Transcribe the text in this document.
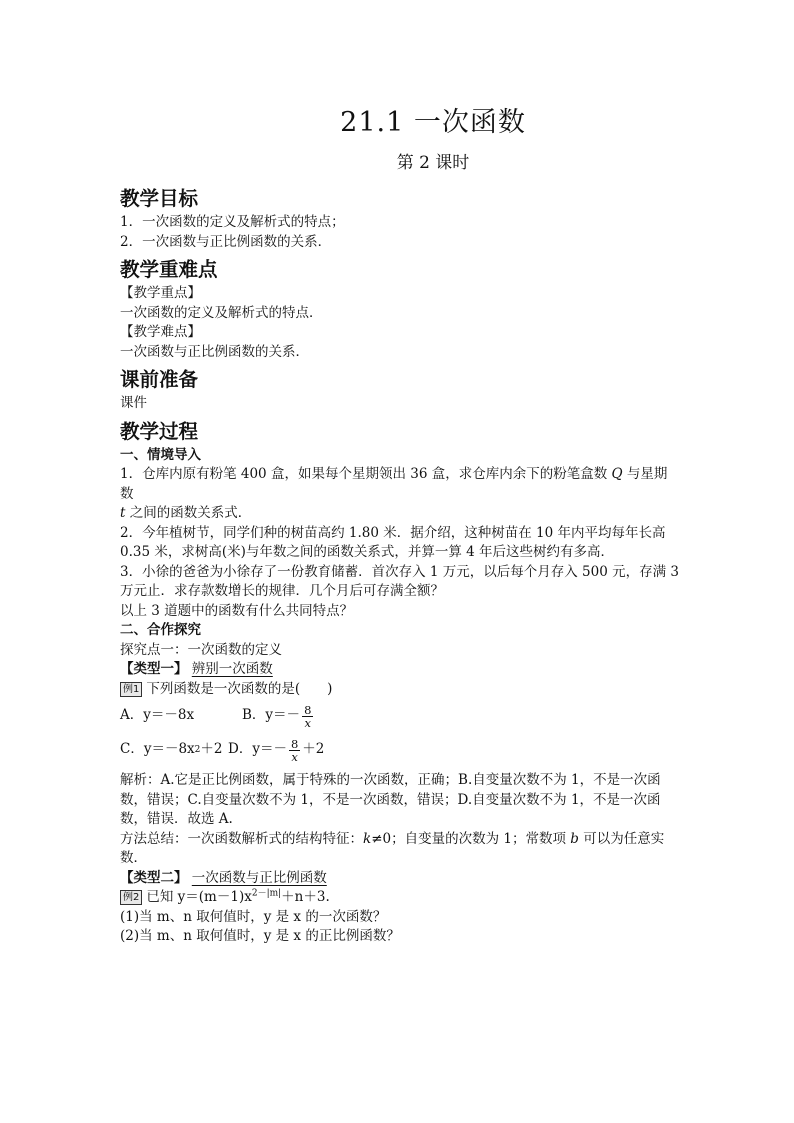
21.1 一次函数
第 2 课时

教学目标

1．一次函数的定义及解析式的特点；

2．一次函数与正比例函数的关系．

教学重难点

【教学重点】

一次函数的定义及解析式的特点．

【教学难点】

一次函数与正比例函数的关系．

课前准备

课件

教学过程

一、情境导入

1．仓库内原有粉笔 400 盒，如果每个星期领出 36 盒，求仓库内余下的粉笔盒数 Q 与星期数

t 之间的函数关系式．

2．今年植树节，同学们种的树苗高约 1.80 米．据介绍，这种树苗在 10 年内平均每年长高

0.35 米，求树高(米)与年数之间的函数关系式，并算一算 4 年后这些树约有多高．

3．小徐的爸爸为小徐存了一份教育储蓄．首次存入 1 万元，以后每个月存入 500 元，存满 3

万元止．求存款数增长的规律．几个月后可存满全额？

以上 3 道题中的函数有什么共同特点？

二、合作探究

探究点一：一次函数的定义

【类型一】 辨别一次函数

例1 下列函数是一次函数的是(　　)

A．y＝－8x	B．$y=- \frac{8}{x}$
C．y＝－8x 2 ＋2 D．$y=- \frac{8}{x} +2$

解析：A.它是正比例函数，属于特殊的一次函数，正确；B.自变量次数不为 1，不是一次函

数，错误；C.自变量次数不为 1，不是一次函数，错误；D.自变量次数不为 1，不是一次函

数，错误．故选 A.

方法总结：一次函数解析式的结构特征：k≠0；自变量的次数为 1；常数项 b 可以为任意实

数．

【类型二】 一次函数与正比例函数

例2 已知 $y=(m-1)x^{2-|m|}+n+3$.

(1)当 m、n 取何值时，y 是 x 的一次函数？

(2)当 m、n 取何值时，y 是 x 的正比例函数？
